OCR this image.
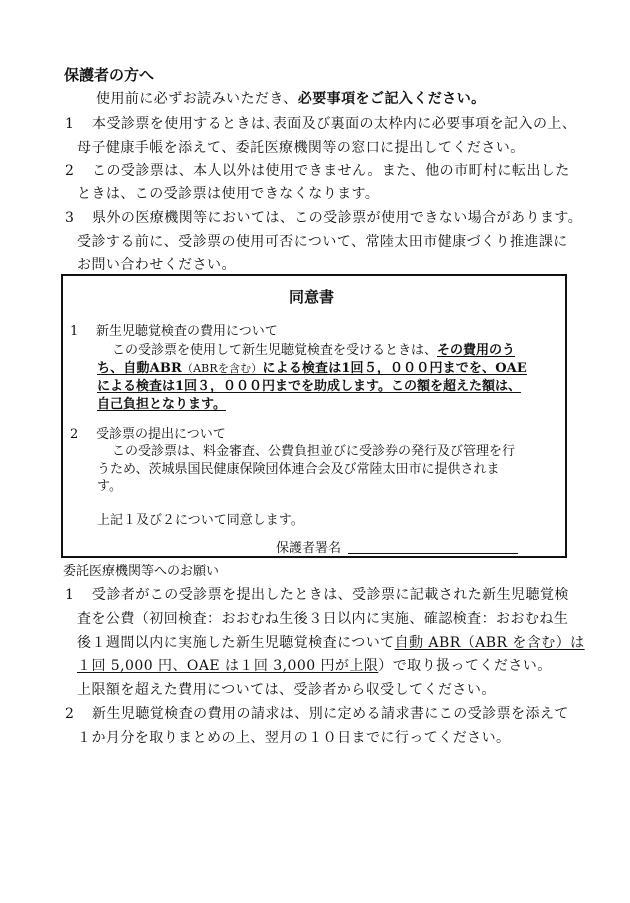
保護者の方へ
使用前に必ずお読みいただき、必要事項をご記入ください。
1 本受診票を使用するときは､表面及び裏面の太枠内に必要事項を記入の上、
母子健康手帳を添えて、委託医療機関等の窓口に提出してください。
2 この受診票は、本人以外は使用できません。また、他の市町村に転出した
ときは、この受診票は使用できなくなります。
3 県外の医療機関等においては、この受診票が使用できない場合があります。
受診する前に、受診票の使用可否について、常陸太田市健康づくり推進課に
お問い合わせください。
同意書
1 新生児聴覚検査の費用について
この受診票を使用して新生児聴覚検査を受けるときは、その費用のう
ち、自動ABR（ABRを含む）による検査は1回５，０００円までを、OAE
による検査は1回３，０００円までを助成します。この額を超えた額は、
自己負担となります。
2 受診票の提出について
この受診票は、料金審査、公費負担並びに受診券の発行及び管理を行
うため、茨城県国民健康保険団体連合会及び常陸太田市に提供されま
す。
上記１及び２について同意します。
保護者署名
委託医療機関等へのお願い
1 受診者がこの受診票を提出したときは、受診票に記載された新生児聴覚検
査を公費（初回検査：おおむね生後３日以内に実施、確認検査：おおむね生
後１週間以内に実施した新生児聴覚検査について自動 ABR（ABR を含む）は
１回 5,000 円、OAE は１回 3,000 円が上限）で取り扱ってください。
上限額を超えた費用については、受診者から収受してください。
2 新生児聴覚検査の費用の請求は、別に定める請求書にこの受診票を添えて
１か月分を取りまとめの上、翌月の１０日までに行ってください。
